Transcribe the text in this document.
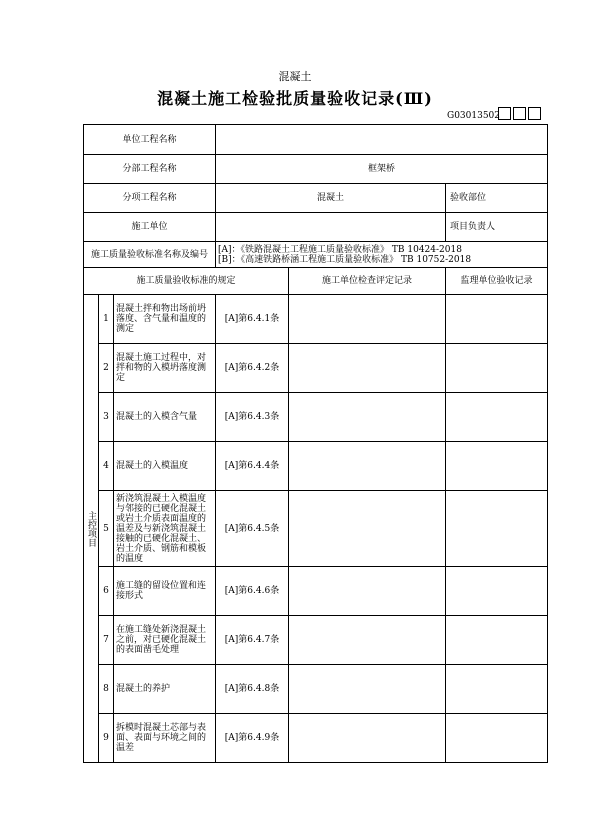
混凝土
混凝土施工检验批质量验收记录(Ⅲ)
G03013502
单位工程名称					
分部工程名称			框架桥		
分项工程名称			混凝土		验收部位
施工单位					项目负责人
施工质量验收标准名称及编号			[A]：《铁路混凝土工程施工质量验收标准》 TB 10424-2018
[B]：《高速铁路桥涵工程施工质量验收标准》 TB 10752-2018		

施工质量验收标准的规定				施工单位检查评定记录	监理单位验收记录
主控项目	1	混凝土拌和物出场前坍落度、含气量和温度的测定	[A]第6.4.1条		
	2	混凝土施工过程中，对拌和物的入模坍落度测定	[A]第6.4.2条		
	3	混凝土的入模含气量	[A]第6.4.3条		
	4	混凝土的入模温度	[A]第6.4.4条		
	5	新浇筑混凝土入模温度与邻接的已硬化混凝土或岩土介质表面温度的温差及与新浇筑混凝土接触的已硬化混凝土、岩土介质、钢筋和模板的温度	[A]第6.4.5条		
	6	施工缝的留设位置和连接形式	[A]第6.4.6条		
	7	在施工缝处新浇混凝土之前，对已硬化混凝土的表面凿毛处理	[A]第6.4.7条		
	8	混凝土的养护	[A]第6.4.8条		
	9	拆模时混凝土芯部与表面、表面与环境之间的温差	[A]第6.4.9条		
